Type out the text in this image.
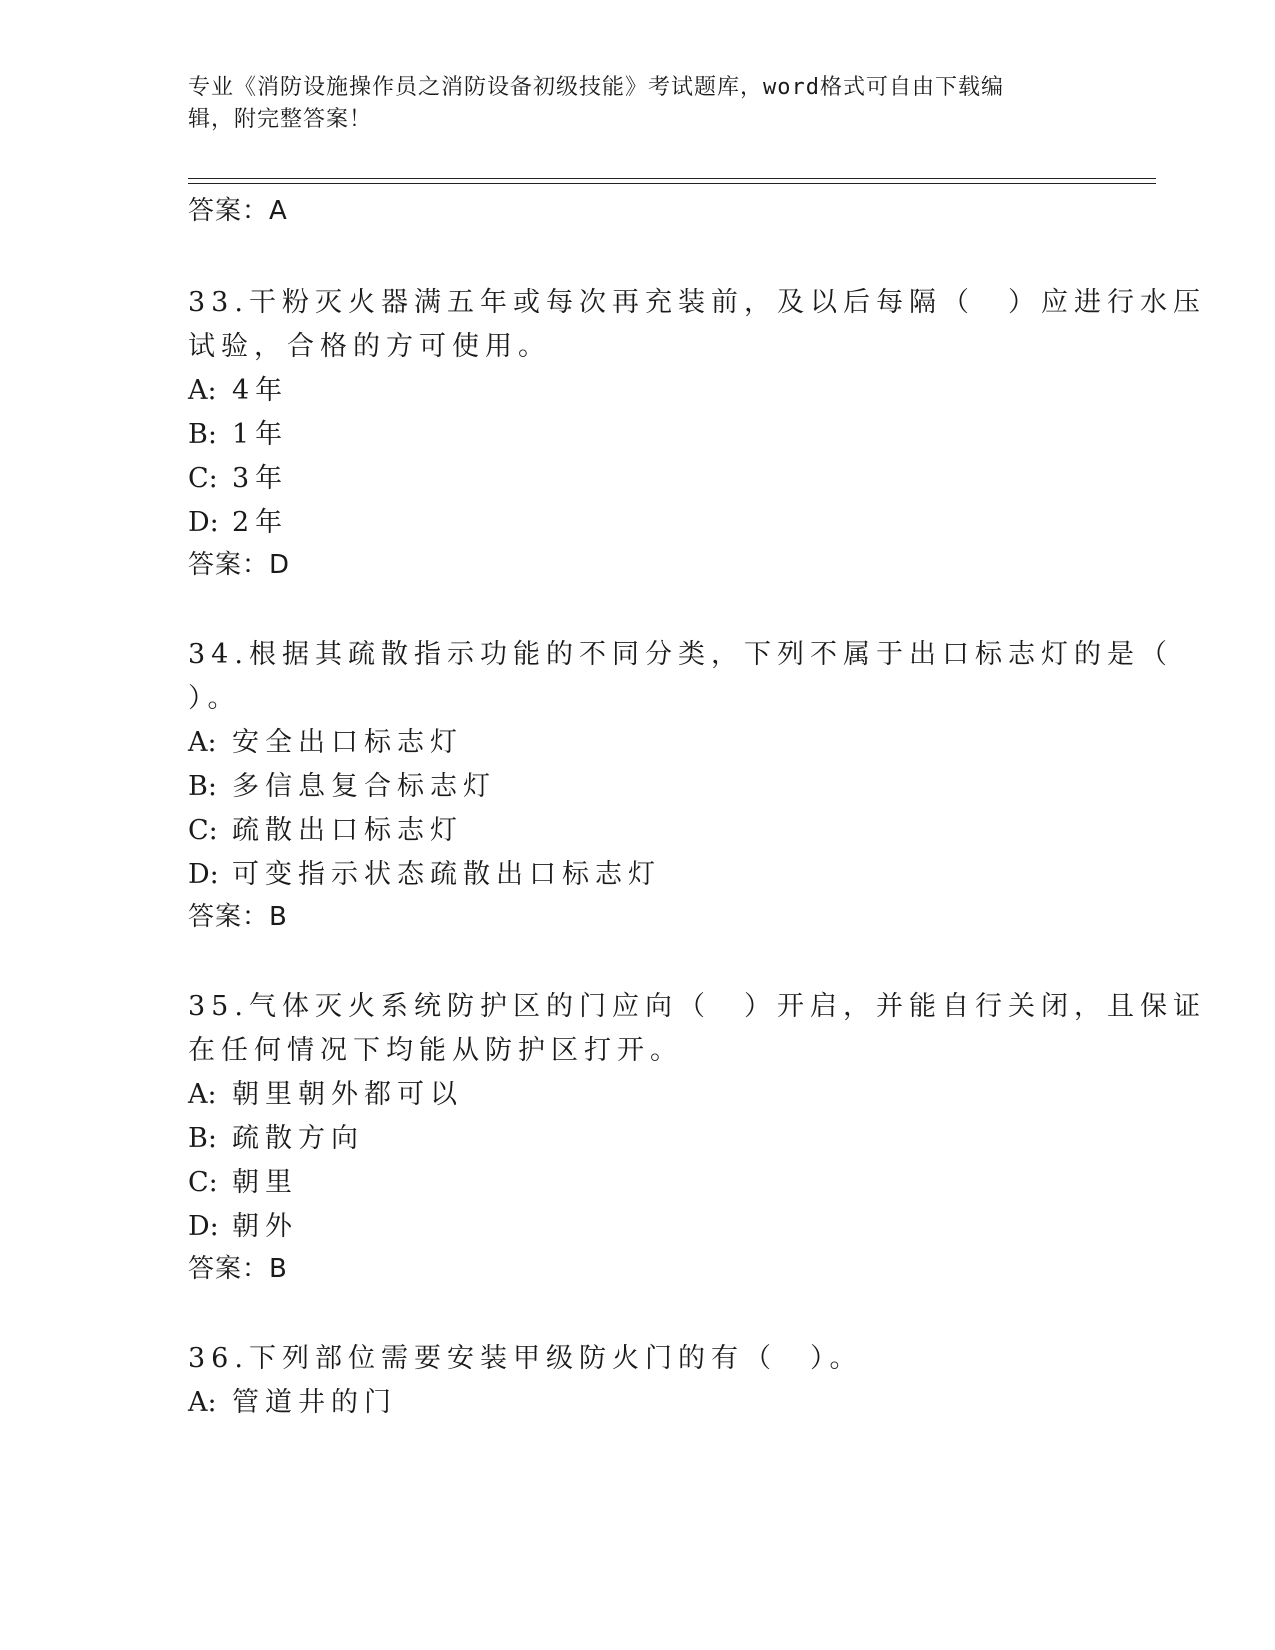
专业《消防设施操作员之消防设备初级技能》考试题库，word格式可自由下载编
辑，附完整答案！
答案：A
33.干粉灭火器满五年或每次再充装前，及以后每隔（　）应进行水压
试验，合格的方可使用。
A: 4年
B: 1年
C: 3年
D: 2年
答案：D
34.根据其疏散指示功能的不同分类，下列不属于出口标志灯的是（
）。
A: 安全出口标志灯
B: 多信息复合标志灯
C: 疏散出口标志灯
D: 可变指示状态疏散出口标志灯
答案：B
35.气体灭火系统防护区的门应向（　）开启，并能自行关闭，且保证
在任何情况下均能从防护区打开。
A: 朝里朝外都可以
B: 疏散方向
C: 朝里
D: 朝外
答案：B
36.下列部位需要安装甲级防火门的有（　）。
A: 管道井的门
